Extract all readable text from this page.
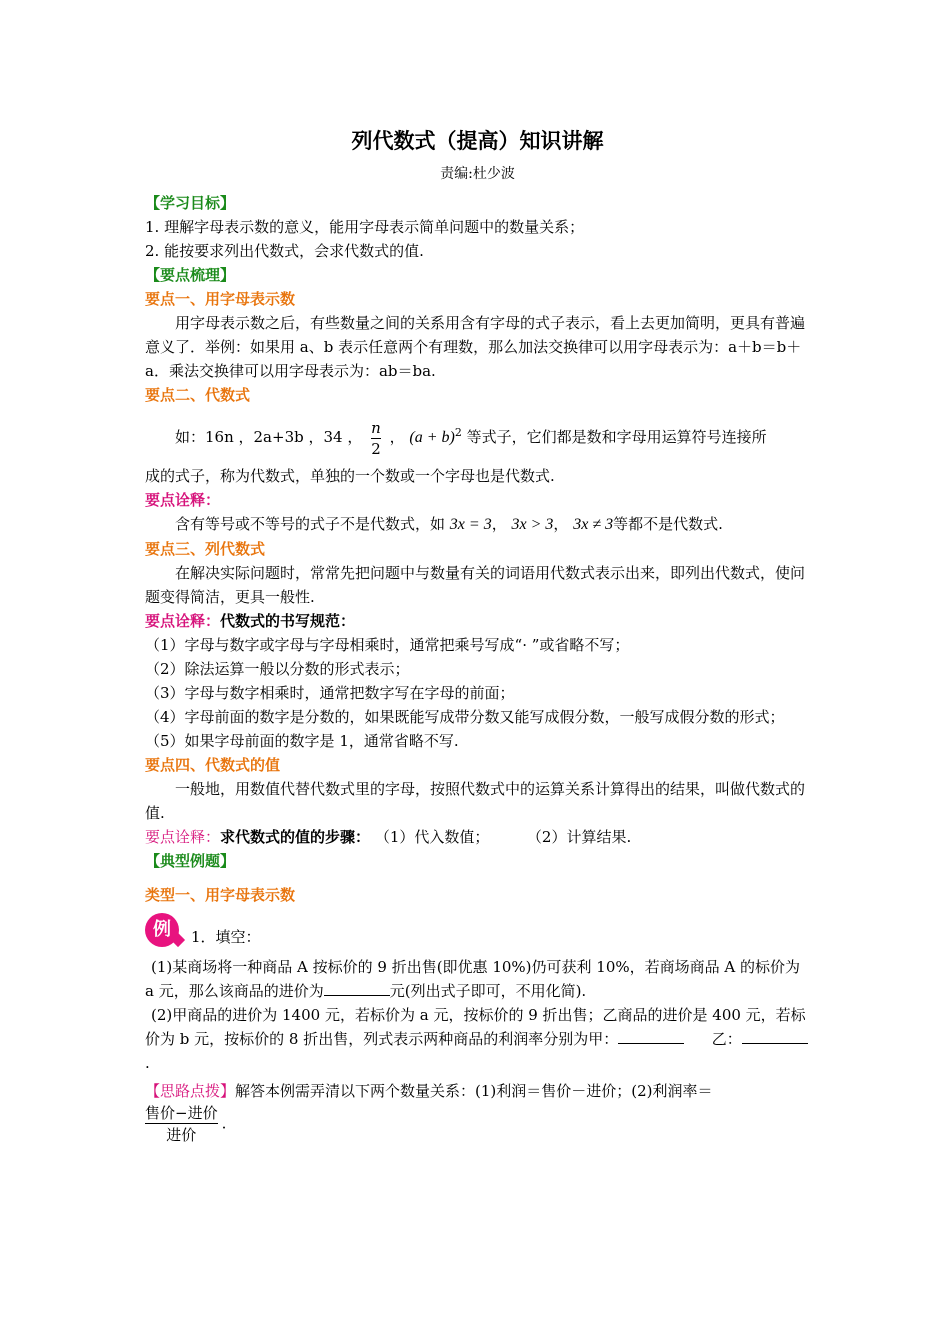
列代数式（提高）知识讲解

责编:杜少波

【学习目标】

1. 理解字母表示数的意义，能用字母表示简单问题中的数量关系；

2. 能按要求列出代数式，会求代数式的值.

【要点梳理】

要点一、用字母表示数

用字母表示数之后，有些数量之间的关系用含有字母的式子表示，看上去更加简明，更具有普遍意义了．举例：如果用 a、b 表示任意两个有理数，那么加法交换律可以用字母表示为：a＋b＝b＋a．乘法交换律可以用字母表示为：ab＝ba.

要点二、代数式

如：16n ，2a+3b ，34 ， $\frac{n}{2}$ ， $(a + b)^2$ 等式子，它们都是数和字母用运算符号连接所

成的式子，称为代数式，单独的一个数或一个字母也是代数式.

要点诠释：

含有等号或不等号的式子不是代数式，如 3x = 3， 3x > 3， 3x ≠ 3等都不是代数式.

要点三、列代数式

在解决实际问题时，常常先把问题中与数量有关的词语用代数式表示出来，即列出代数式，使问题变得简洁，更具一般性.

要点诠释：代数式的书写规范：

（1）字母与数字或字母与字母相乘时，通常把乘号写成“· ”或省略不写；

（2）除法运算一般以分数的形式表示；

（3）字母与数字相乘时，通常把数字写在字母的前面；

（4）字母前面的数字是分数的，如果既能写成带分数又能写成假分数，一般写成假分数的形式；

（5）如果字母前面的数字是 1，通常省略不写.

要点四、代数式的值

一般地，用数值代替代数式里的字母，按照代数式中的运算关系计算得出的结果，叫做代数式的值.

要点诠释：求代数式的值的步骤： （1）代入数值；	（2）计算结果.

【典型例题】

类型一、用字母表示数

例	1．填空：

(1)某商场将一种商品 A 按标价的 9 折出售(即优惠 10%)仍可获利 10%，若商场商品 A 的标价为 a 元，那么该商品的进价为	元(列出式子即可，不用化简).

(2)甲商品的进价为 1400 元，若标价为 a 元，按标价的 9 折出售；乙商品的进价是 400 元，若标价为 b 元，按标价的 8 折出售，列式表示两种商品的利润率分别为甲：	乙：.

【思路点拨】解答本例需弄清以下两个数量关系：(1)利润＝售价－进价；(2)利润率＝

$\frac{\text{售价−进价}}{\text{进价}}$ .
